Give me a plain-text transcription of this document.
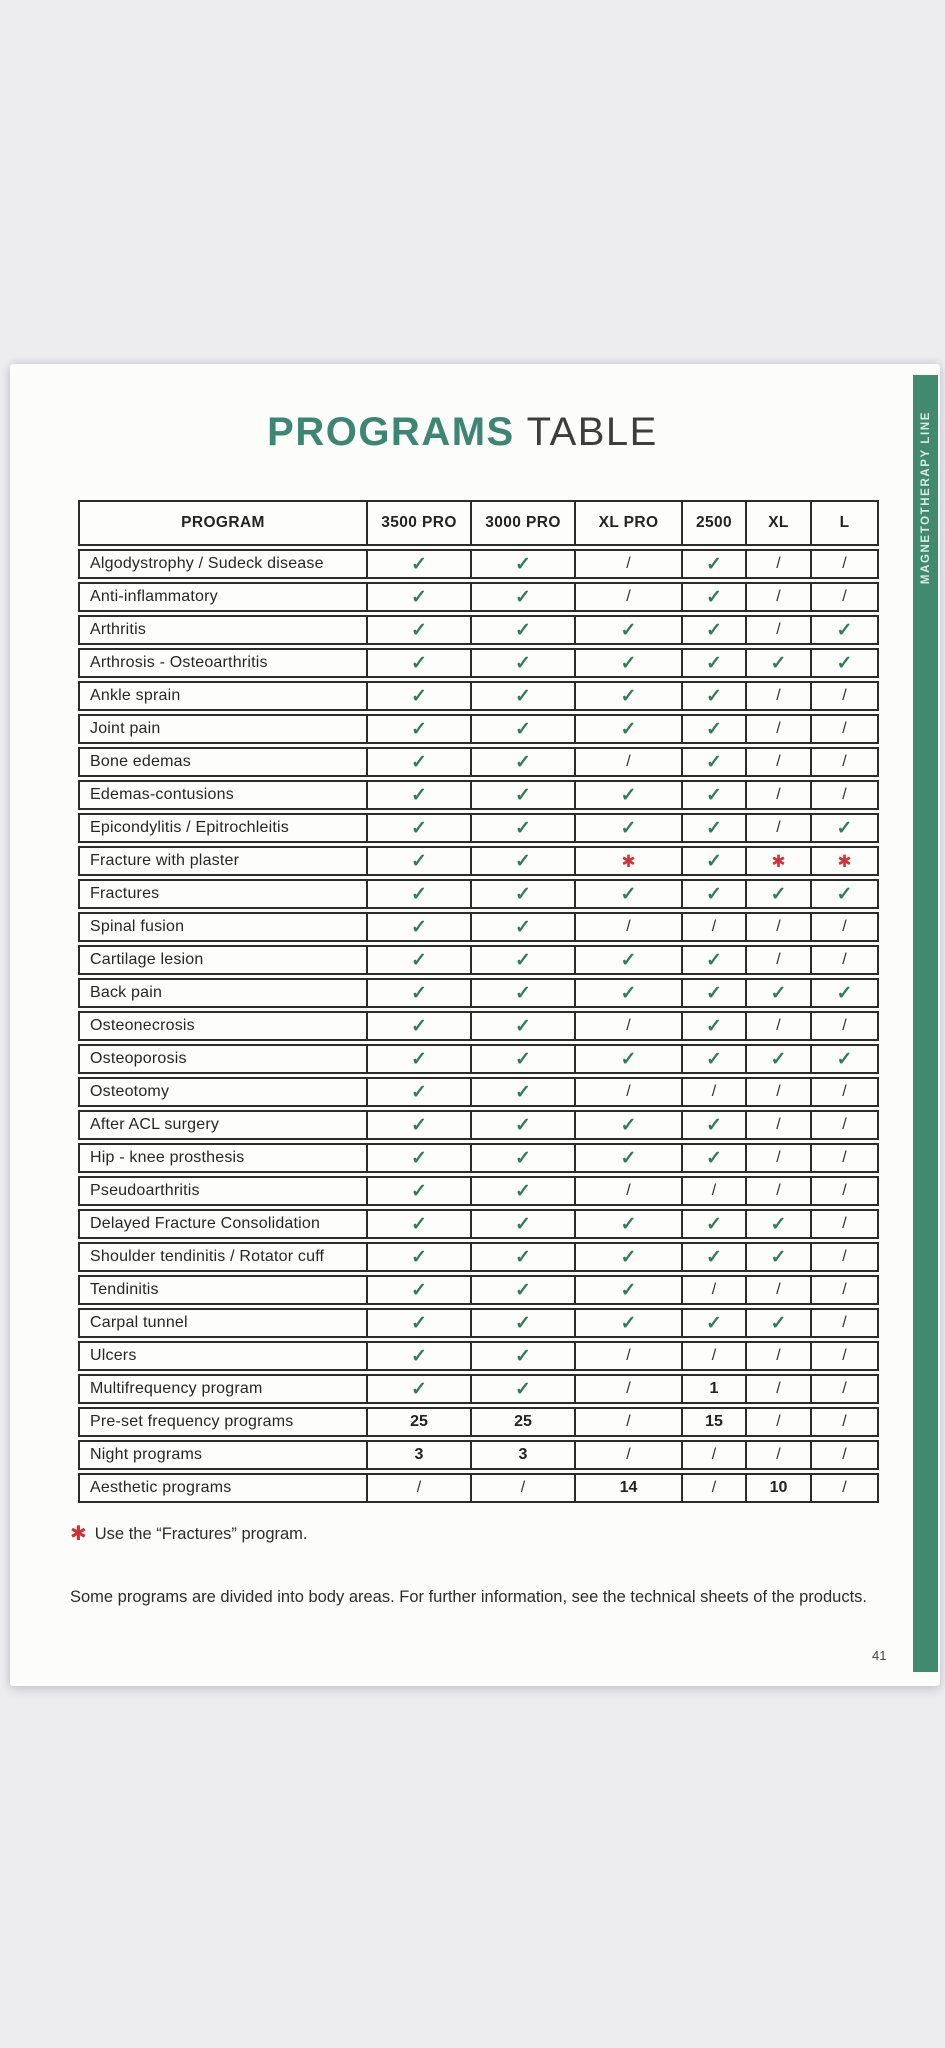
MAGNETOTHERAPY LINE
PROGRAMS TABLE
PROGRAM	3500 PRO	3000 PRO	XL PRO	2500	XL	L
Algodystrophy / Sudeck disease	✓	✓	/	✓	/	/
Anti-inflammatory	✓	✓	/	✓	/	/
Arthritis	✓	✓	✓	✓	/	✓
Arthrosis - Osteoarthritis	✓	✓	✓	✓	✓	✓
Ankle sprain	✓	✓	✓	✓	/	/
Joint pain	✓	✓	✓	✓	/	/
Bone edemas	✓	✓	/	✓	/	/
Edemas-contusions	✓	✓	✓	✓	/	/
Epicondylitis / Epitrochleitis	✓	✓	✓	✓	/	✓
Fracture with plaster	✓	✓	✱	✓	✱	✱
Fractures	✓	✓	✓	✓	✓	✓
Spinal fusion	✓	✓	/	/	/	/
Cartilage lesion	✓	✓	✓	✓	/	/
Back pain	✓	✓	✓	✓	✓	✓
Osteonecrosis	✓	✓	/	✓	/	/
Osteoporosis	✓	✓	✓	✓	✓	✓
Osteotomy	✓	✓	/	/	/	/
After ACL surgery	✓	✓	✓	✓	/	/
Hip - knee prosthesis	✓	✓	✓	✓	/	/
Pseudoarthritis	✓	✓	/	/	/	/
Delayed Fracture Consolidation	✓	✓	✓	✓	✓	/
Shoulder tendinitis / Rotator cuff	✓	✓	✓	✓	✓	/
Tendinitis	✓	✓	✓	/	/	/
Carpal tunnel	✓	✓	✓	✓	✓	/
Ulcers	✓	✓	/	/	/	/
Multifrequency program	✓	✓	/	1	/	/
Pre-set frequency programs	25	25	/	15	/	/
Night programs	3	3	/	/	/	/
Aesthetic programs	/	/	14	/	10	/
✱ Use the “Fractures” program.

Some programs are divided into body areas. For further information, see the technical sheets of the products.

41
